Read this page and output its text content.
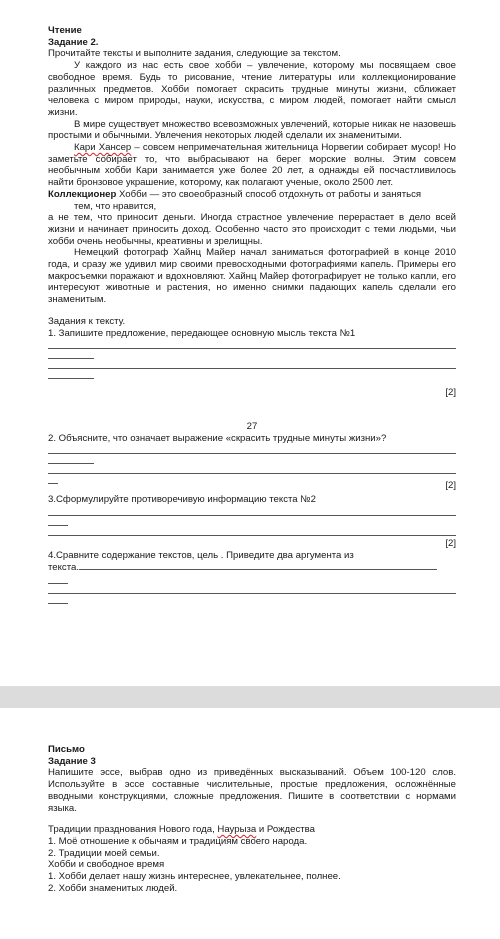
Чтение
Задание 2.
Прочитайте тексты и выполните задания, следующие за текстом.
У каждого из нас есть свое хобби – увлечение, которому мы посвящаем свое свободное время. Будь то рисование, чтение литературы или коллекционирование различных предметов. Хобби помогает скрасить трудные минуты жизни, сближает человека с миром природы, науки, искусства, с миром людей, помогает найти смысл жизни.
В мире существует множество всевозможных увлечений, которые никак не назовешь простыми и обычными. Увлечения некоторых людей сделали их знаменитыми.
Кари Хансер – совсем непримечательная жительница Норвегии собирает мусор! Но заметьте собирает то, что выбрасывают на берег морские волны. Этим совсем необычным хобби Кари занимается уже более 20 лет, а однажды ей посчастливилось найти бронзовое украшение, которому, как полагают ученые, около 2500 лет.
Коллекционер Хобби — это своеобразный способ отдохнуть от работы и заняться
тем, что нравится,
а не тем, что приносит деньги. Иногда страстное увлечение перерастает в дело всей жизни и начинает приносить доход. Особенно часто это происходит с теми людьми, чьи хобби очень необычны, креативны и зрелищны.
Немецкий фотограф Хайнц Майер начал заниматься фотографией в конце 2010 года, и сразу же удивил мир своими превосходными фотографиями капель. Примеры его макросъемки поражают и вдохновляют. Хайнц Майер фотографирует не только капли, его интересуют животные и растения, но именно снимки падающих капель сделали его знаменитым.
Задания к тексту.
1. Запишите предложение, передающее основную мысль текста №1
[2]
27
2. Объясните, что означает выражение «скрасить трудные минуты жизни»?
[2]
3.Сформулируйте противоречивую информацию текста №2
[2]
4.Сравните содержание текстов, цель . Приведите два аргумента из
текста.
Письмо
Задание 3
Напишите эссе, выбрав одно из приведённых высказываний. Объем 100-120 слов. Используйте в эссе составные числительные, простые предложения, осложнённые вводными конструкциями, сложные предложения. Пишите в соответствии с нормами языка.
Традиции празднования Нового года, Наурыза и Рождества
1. Моё отношение к обычаям и традициям своего народа.
2. Традиции моей семьи.
Хобби и свободное время
1. Хобби делает нашу жизнь интереснее, увлекательнее, полнее.
2. Хобби знаменитых людей.
